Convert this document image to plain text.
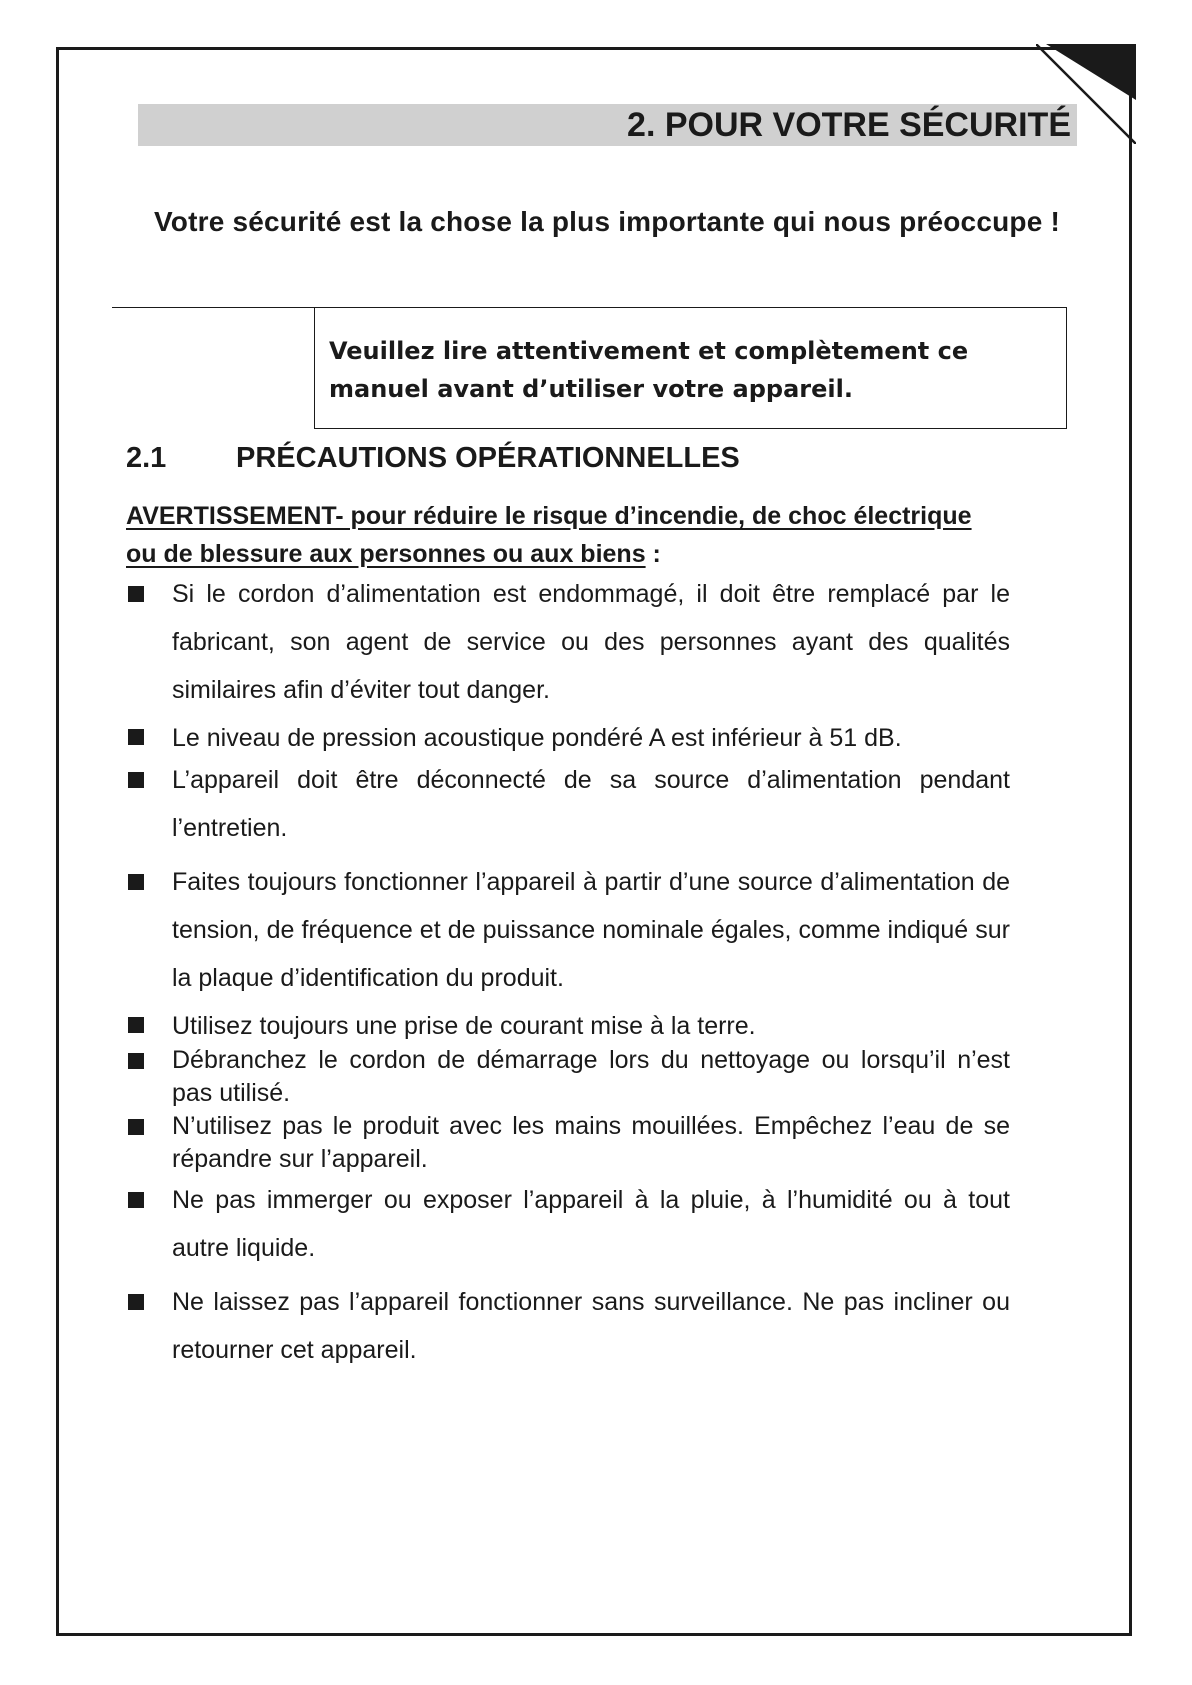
2. POUR VOTRE SÉCURITÉ
Votre sécurité est la chose la plus importante qui nous préoccupe !
Veuillez lire attentivement et complètement ce manuel avant d’utiliser votre appareil.
2.1 PRÉCAUTIONS OPÉRATIONNELLES
AVERTISSEMENT- pour réduire le risque d’incendie, de choc électrique ou de blessure aux personnes ou aux biens :
Si le cordon d’alimentation est endommagé, il doit être remplacé par le fabricant, son agent de service ou des personnes ayant des qualités similaires afin d’éviter tout danger.
Le niveau de pression acoustique pondéré A est inférieur à 51 dB.
L’appareil doit être déconnecté de sa source d’alimentation pendant l’entretien.
Faites toujours fonctionner l’appareil à partir d’une source d’alimentation de tension, de fréquence et de puissance nominale égales, comme indiqué sur la plaque d’identification du produit.
Utilisez toujours une prise de courant mise à la terre.
Débranchez le cordon de démarrage lors du nettoyage ou lorsqu’il n’est pas utilisé.
N’utilisez pas le produit avec les mains mouillées. Empêchez l’eau de se répandre sur l’appareil.
Ne pas immerger ou exposer l’appareil à la pluie, à l’humidité ou à tout autre liquide.
Ne laissez pas l’appareil fonctionner sans surveillance. Ne pas incliner ou retourner cet appareil.
